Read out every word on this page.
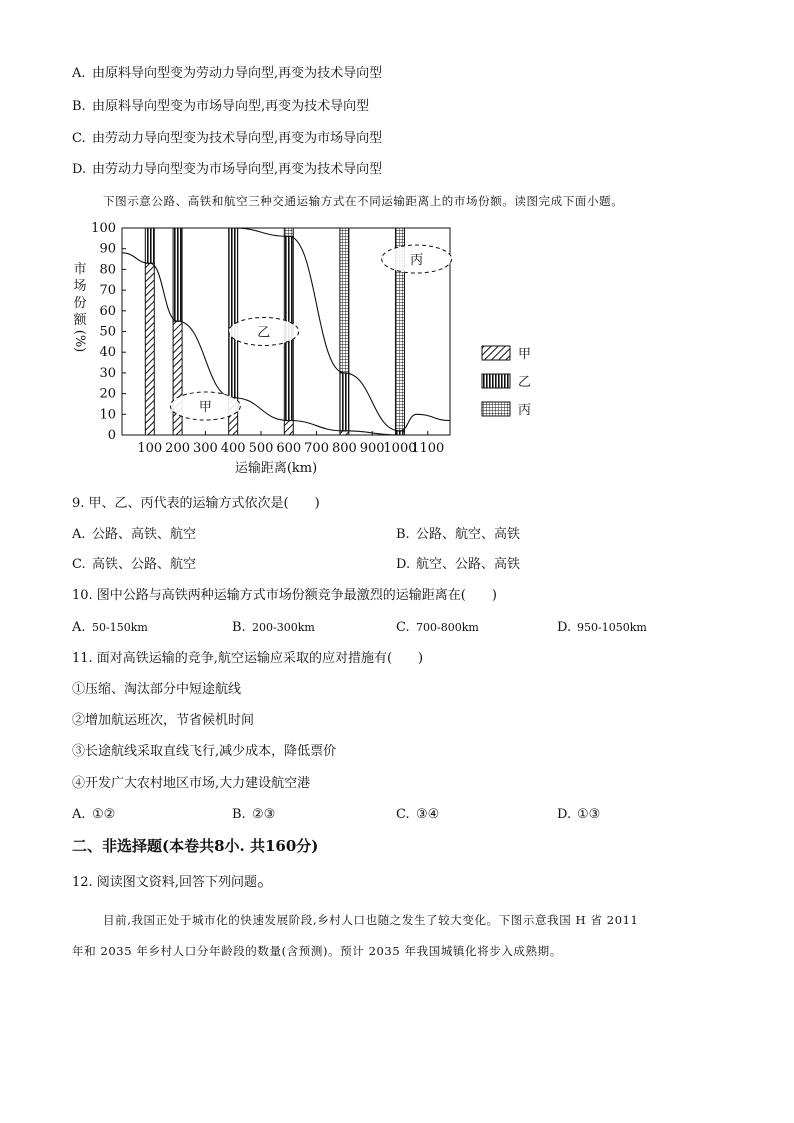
A. 由原料导向型变为劳动力导向型,再变为技术导向型
B. 由原料导向型变为市场导向型,再变为技术导向型
C. 由劳动力导向型变为技术导向型,再变为市场导向型
D. 由劳动力导向型变为市场导向型,再变为技术导向型
下图示意公路、高铁和航空三种交通运输方式在不同运输距离上的市场份额。读图完成下面小题。
0
10
20
30
40
50
60
70
80
90
100
100 200 300 400 500 600 700 800 900
1000
1100
运输距离(km)
市
场
份
额
(%)
甲
乙
丙
甲
乙
丙
9. 甲、乙、丙代表的运输方式依次是(　　)
A. 公路、高铁、航空	B. 公路、航空、高铁
C. 高铁、公路、航空	D. 航空、公路、高铁
10. 图中公路与高铁两种运输方式市场份额竞争最激烈的运输距离在(　　)
A. 50-150km	B. 200-300km	C. 700-800km	D. 950-1050km
11. 面对高铁运输的竞争,航空运输应采取的应对措施有(　　)
①压缩、淘汰部分中短途航线
②增加航运班次，节省候机时间
③长途航线采取直线飞行,减少成本，降低票价
④开发广大农村地区市场,大力建设航空港
A. ①②	B. ②③	C. ③④	D. ①③
二、非选择题(本卷共8小. 共160分)
12. 阅读图文资料,回答下列问题。
目前,我国正处于城市化的快速发展阶段,乡村人口也随之发生了较大变化。下图示意我国 H 省 2011
年和 2035 年乡村人口分年龄段的数量(含预测)。预计 2035 年我国城镇化将步入成熟期。
